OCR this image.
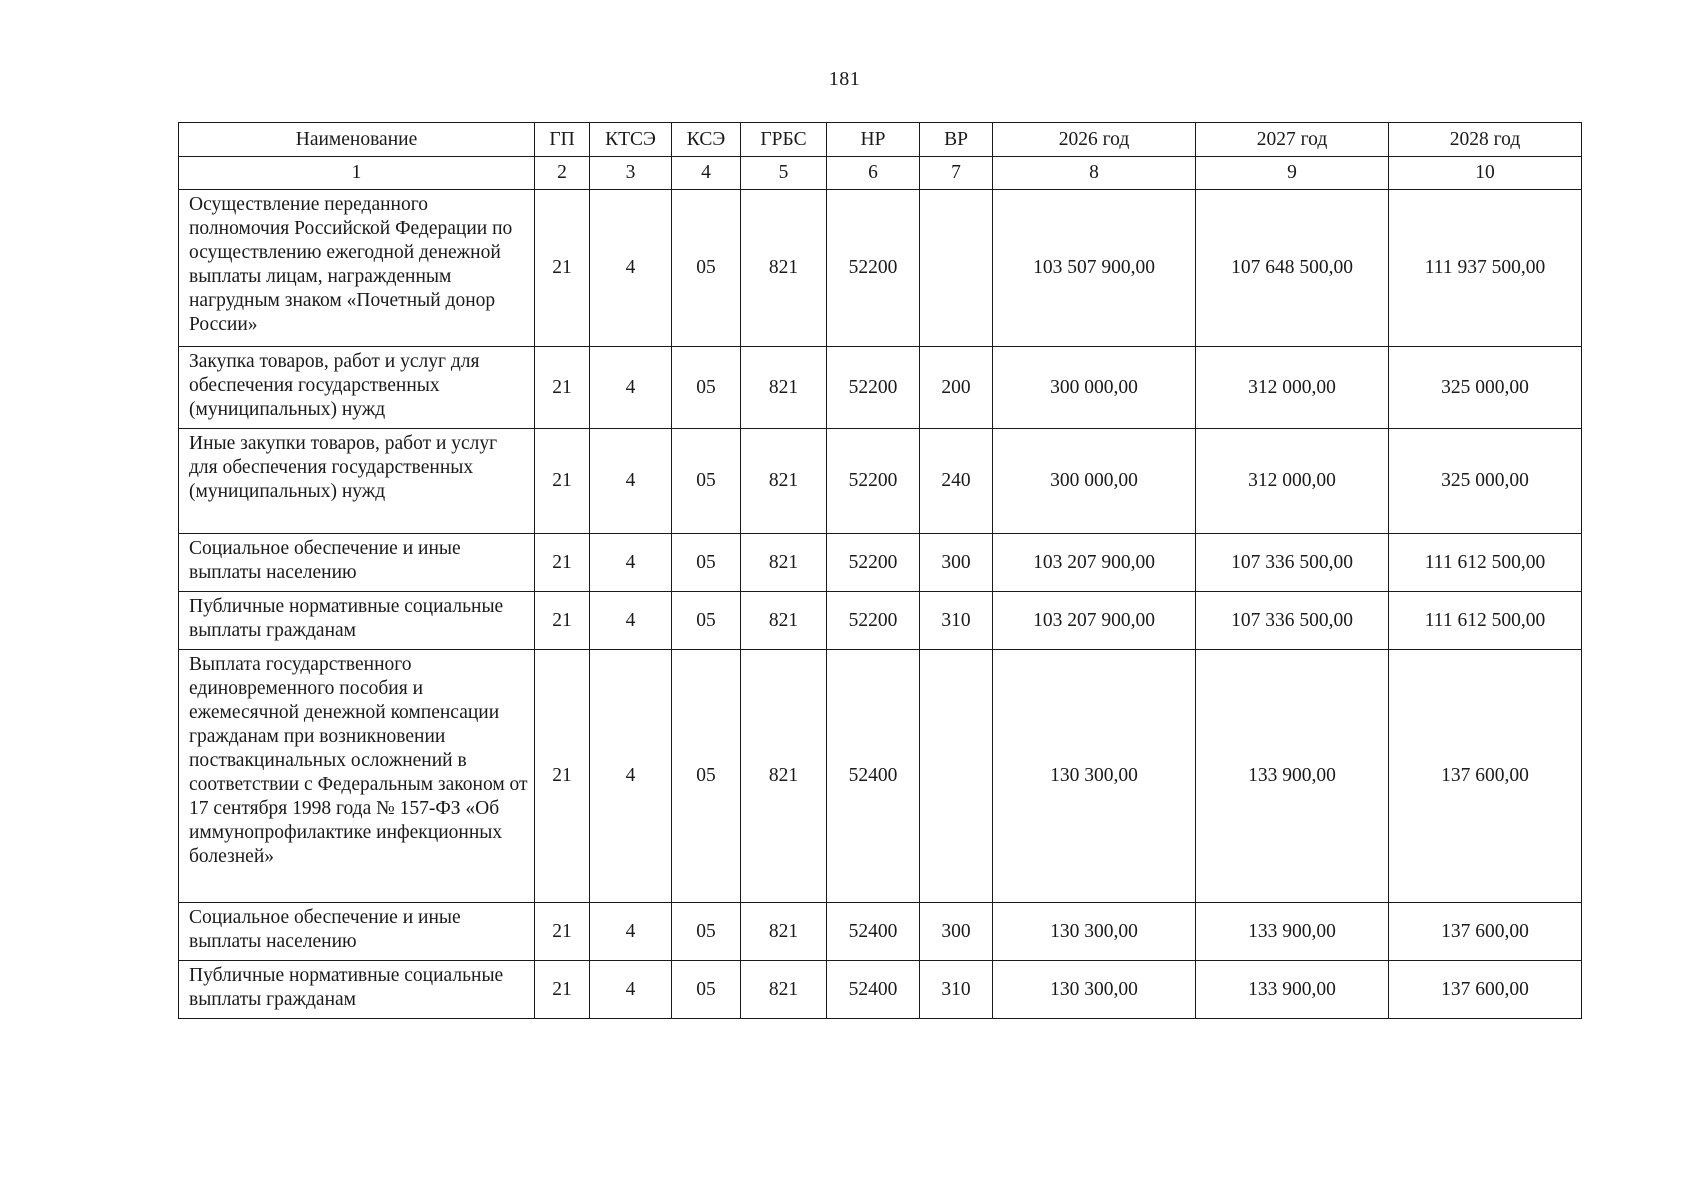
181
Наименование	ГП	КТСЭ	КСЭ	ГРБС	НР	ВР	2026 год	2027 год	2028 год
1	2	3	4	5	6	7	8	9	10
Осуществление переданного полномочия Российской Федерации по осуществлению ежегодной денежной выплаты лицам, награжденным нагрудным знаком «Почетный донор России»	21	4	05	821	52200		103 507 900,00	107 648 500,00	111 937 500,00
Закупка товаров, работ и услуг для обеспечения государственных (муниципальных) нужд	21	4	05	821	52200	200	300 000,00	312 000,00	325 000,00
Иные закупки товаров, работ и услуг для обеспечения государственных (муниципальных) нужд	21	4	05	821	52200	240	300 000,00	312 000,00	325 000,00
Социальное обеспечение и иные выплаты населению	21	4	05	821	52200	300	103 207 900,00	107 336 500,00	111 612 500,00
Публичные нормативные социальные выплаты гражданам	21	4	05	821	52200	310	103 207 900,00	107 336 500,00	111 612 500,00
Выплата государственного единовременного пособия и ежемесячной денежной компенсации гражданам при возникновении поствакцинальных осложнений в соответствии с Федеральным законом от 17 сентября 1998 года № 157-ФЗ «Об иммунопрофилактике инфекционных болезней»	21	4	05	821	52400		130 300,00	133 900,00	137 600,00
Социальное обеспечение и иные выплаты населению	21	4	05	821	52400	300	130 300,00	133 900,00	137 600,00
Публичные нормативные социальные выплаты гражданам	21	4	05	821	52400	310	130 300,00	133 900,00	137 600,00
